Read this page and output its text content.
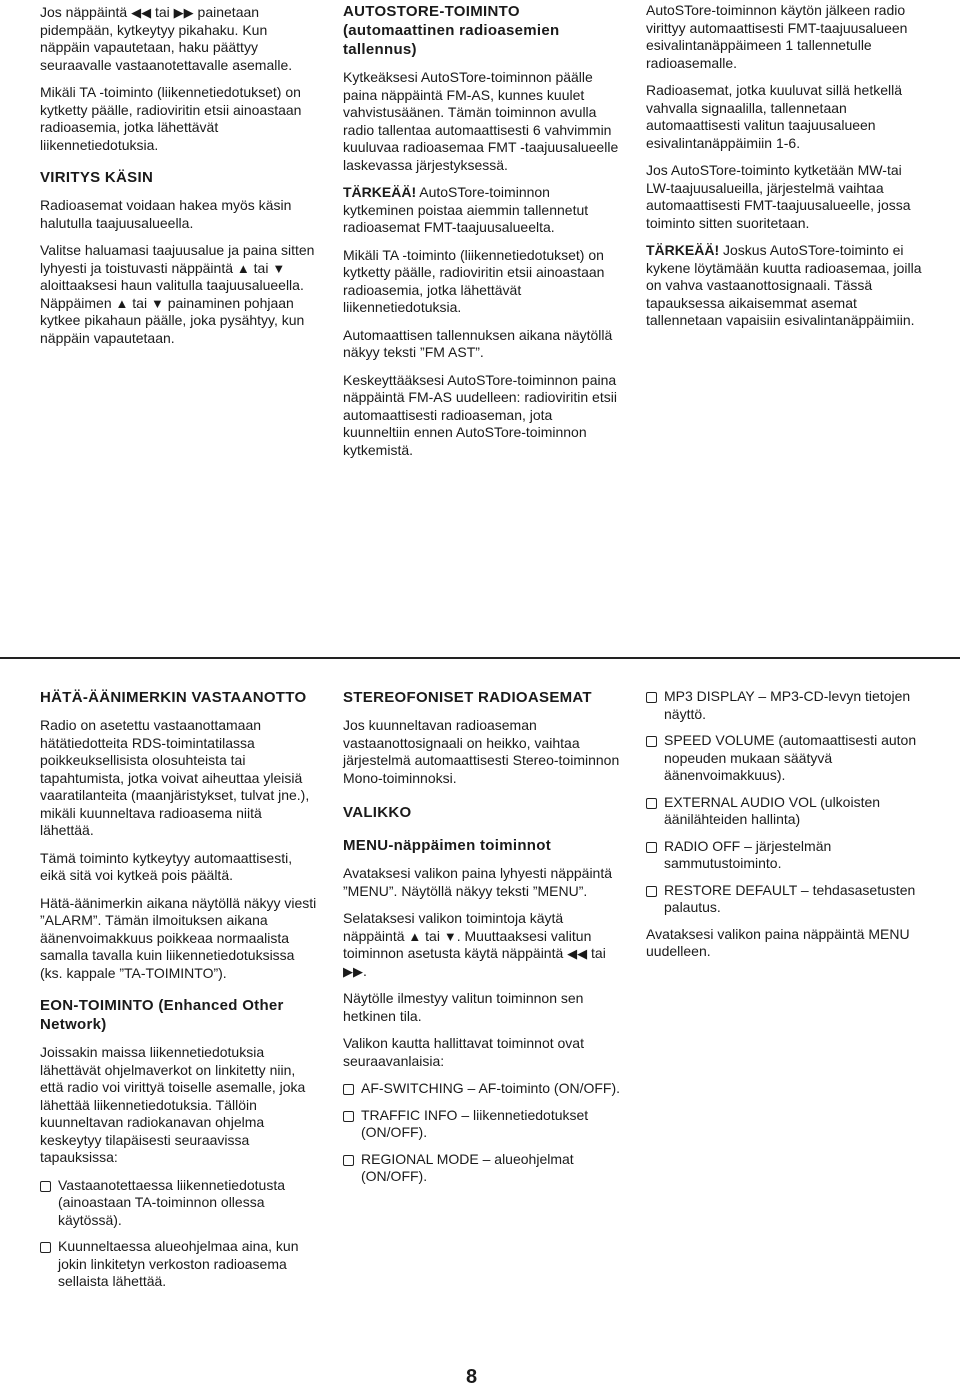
Jos näppäintä ◀◀ tai ▶▶ painetaan pidempään, kytkeytyy pikahaku. Kun näppäin vapautetaan, haku päättyy seuraavalle vastaanotettavalle asemalle.

Mikäli TA -toiminto (liikennetiedotukset) on kytketty päälle, radioviritin etsii ainoastaan radioasemia, jotka lähettävät liikennetiedotuksia.

VIRITYS KÄSIN

Radioasemat voidaan hakea myös käsin halutulla taajuusalueella.

Valitse haluamasi taajuusalue ja paina sitten lyhyesti ja toistuvasti näppäintä ▲ tai ▼ aloittaaksesi haun valitulla taajuusalueella. Näppäimen ▲ tai ▼ painaminen pohjaan kytkee pikahaun päälle, joka pysähtyy, kun näppäin vapautetaan.

AUTOSTORE-TOIMINTO (automaattinen radioasemien tallennus)

Kytkeäksesi AutoSTore-toiminnon päälle paina näppäintä FM-AS, kunnes kuulet vahvistusäänen. Tämän toiminnon avulla radio tallentaa automaattisesti 6 vahvimmin kuuluvaa radioasemaa FMT -taajuusalueelle laskevassa järjestyksessä.

TÄRKEÄÄ! AutoSTore-toiminnon kytkeminen poistaa aiemmin tallennetut radioasemat FMT-taajuusalueelta.

Mikäli TA -toiminto (liikennetiedotukset) on kytketty päälle, radioviritin etsii ainoastaan radioasemia, jotka lähettävät liikennetiedotuksia.

Automaattisen tallennuksen aikana näytöllä näkyy teksti ”FM AST”.

Keskeyttääksesi AutoSTore-toiminnon paina näppäintä FM-AS uudelleen: radioviritin etsii automaattisesti radioaseman, jota kuunneltiin ennen AutoSTore-toiminnon kytkemistä.

AutoSTore-toiminnon käytön jälkeen radio virittyy automaattisesti FMT-taajuusalueen esivalintanäppäimeen 1 tallennetulle radioasemalle.

Radioasemat, jotka kuuluvat sillä hetkellä vahvalla signaalilla, tallennetaan automaattisesti valitun taajuusalueen esivalintanäppäimiin 1-6.

Jos AutoSTore-toiminto kytketään MW-tai LW-taajuusalueilla, järjestelmä vaihtaa automaattisesti FMT-taajuusalueelle, jossa toiminto sitten suoritetaan.

TÄRKEÄÄ! Joskus AutoSTore-toiminto ei kykene löytämään kuutta radioasemaa, joilla on vahva vastaanottosignaali. Tässä tapauksessa aikaisemmat asemat tallennetaan vapaisiin esivalintanäppäimiin.

HÄTÄ-ÄÄNIMERKIN VASTAANOTTO

Radio on asetettu vastaanottamaan hätätiedotteita RDS-toimintatilassa poikkeuksellisista olosuhteista tai tapahtumista, jotka voivat aiheuttaa yleisiä vaaratilanteita (maanjäristykset, tulvat jne.), mikäli kuunneltava radioasema niitä lähettää.

Tämä toiminto kytkeytyy automaattisesti, eikä sitä voi kytkeä pois päältä.

Hätä-äänimerkin aikana näytöllä näkyy viesti ”ALARM”. Tämän ilmoituksen aikana äänenvoimakkuus poikkeaa normaalista samalla tavalla kuin liikennetiedotuksissa (ks. kappale ”TA-TOIMINTO”).

EON-TOIMINTO (Enhanced Other Network)

Joissakin maissa liikennetiedotuksia lähettävät ohjelmaverkot on linkitetty niin, että radio voi virittyä toiselle asemalle, joka lähettää liikennetiedotuksia. Tällöin kuunneltavan radiokanavan ohjelma keskeytyy tilapäisesti seuraavissa tapauksissa:

Vastaanotettaessa liikennetiedotusta (ainoastaan TA-toiminnon ollessa käytössä).
Kuunneltaessa alueohjelmaa aina, kun jokin linkitetyn verkoston radioasema sellaista lähettää.

STEREOFONISET RADIOASEMAT

Jos kuunneltavan radioaseman vastaanottosignaali on heikko, vaihtaa järjestelmä automaattisesti Stereo-toiminnon Mono-toiminnoksi.

VALIKKO

MENU-näppäimen toiminnot

Avataksesi valikon paina lyhyesti näppäintä ”MENU”. Näytöllä näkyy teksti ”MENU”.

Selataksesi valikon toimintoja käytä näppäintä ▲ tai ▼. Muuttaaksesi valitun toiminnon asetusta käytä näppäintä ◀◀ tai ▶▶.

Näytölle ilmestyy valitun toiminnon sen hetkinen tila.

Valikon kautta hallittavat toiminnot ovat seuraavanlaisia:

AF-SWITCHING – AF-toiminto (ON/OFF).
TRAFFIC INFO – liikennetiedotukset (ON/OFF).
REGIONAL MODE – alueohjelmat (ON/OFF).
MP3 DISPLAY – MP3-CD-levyn tietojen näyttö.
SPEED VOLUME (automaattisesti auton nopeuden mukaan säätyvä äänenvoimakkuus).
EXTERNAL AUDIO VOL (ulkoisten äänilähteiden hallinta)
RADIO OFF – järjestelmän sammutustoiminto.
RESTORE DEFAULT – tehdasasetusten palautus.

Avataksesi valikon paina näppäintä MENU uudelleen.

8
